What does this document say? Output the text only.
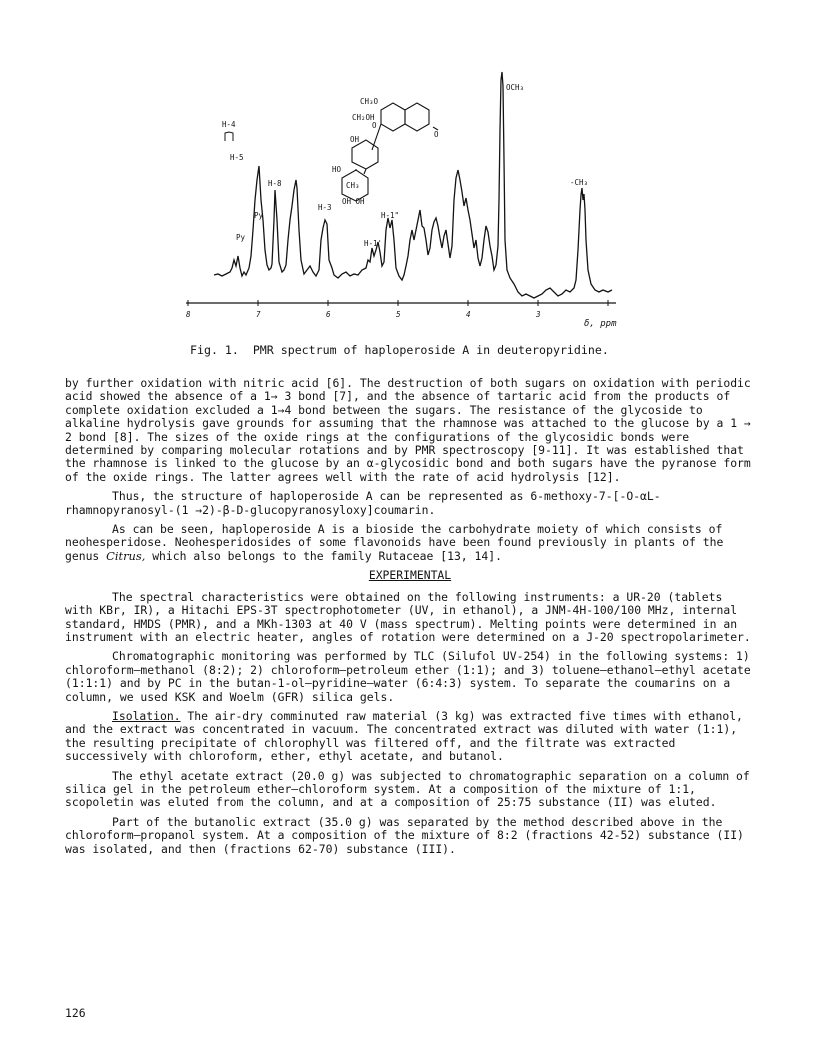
CH₃O
CH₂OH
O
O
OH
HO
CH₃
OH OH
H-4
H-5
Py
Py
H-8
H-3
H-1'
H-1"
OCH₃
-CH₃
8	7	6	5	4	3
δ, ppm
Fig. 1.  PMR spectrum of haploperoside A in deuteropyridine.

by further oxidation with nitric acid [6]. The destruction of both sugars on oxidation with periodic acid showed the absence of a 1→ 3 bond [7], and the absence of tartaric acid from the products of complete oxidation excluded a 1→4 bond between the sugars. The resistance of the glycoside to alkaline hydrolysis gave grounds for assuming that the rhamnose was attached to the glucose by a 1 → 2 bond [8]. The sizes of the oxide rings at the configurations of the glycosidic bonds were determined by comparing molecular rotations and by PMR spectroscopy [9-11]. It was established that the rhamnose is linked to the glucose by an α-glycosidic bond and both sugars have the pyranose form of the oxide rings. The latter agrees well with the rate of acid hydrolysis [12].

Thus, the structure of haploperoside A can be represented as 6-methoxy-7-[-O-αL-rhamnopyranosyl-(1 →2)-β-D-glucopyranosyloxy]coumarin.

As can be seen, haploperoside A is a bioside the carbohydrate moiety of which consists of neohesperidose. Neohesperidosides of some flavonoids have been found previously in plants of the genus Citrus, which also belongs to the family Rutaceae [13, 14].

EXPERIMENTAL

The spectral characteristics were obtained on the following instruments: a UR-20 (tablets with KBr, IR), a Hitachi EPS-3T spectrophotometer (UV, in ethanol), a JNM-4H-100/100 MHz, internal standard, HMDS (PMR), and a MKh-1303 at 40 V (mass spectrum). Melting points were determined in an instrument with an electric heater, angles of rotation were determined on a J-20 spectropolarimeter.

Chromatographic monitoring was performed by TLC (Silufol UV-254) in the following systems: 1) chloroform—methanol (8:2); 2) chloroform—petroleum ether (1:1); and 3) toluene—ethanol—ethyl acetate (1:1:1) and by PC in the butan-1-ol—pyridine—water (6:4:3) system. To separate the coumarins on a column, we used KSK and Woelm (GFR) silica gels.

Isolation. The air-dry comminuted raw material (3 kg) was extracted five times with ethanol, and the extract was concentrated in vacuum. The concentrated extract was diluted with water (1:1), the resulting precipitate of chlorophyll was filtered off, and the filtrate was extracted successively with chloroform, ether, ethyl acetate, and butanol.

The ethyl acetate extract (20.0 g) was subjected to chromatographic separation on a column of silica gel in the petroleum ether—chloroform system. At a composition of the mixture of 1:1, scopoletin was eluted from the column, and at a composition of 25:75 substance (II) was eluted.

Part of the butanolic extract (35.0 g) was separated by the method described above in the chloroform—propanol system. At a composition of the mixture of 8:2 (fractions 42-52) substance (II) was isolated, and then (fractions 62-70) substance (III).

126
